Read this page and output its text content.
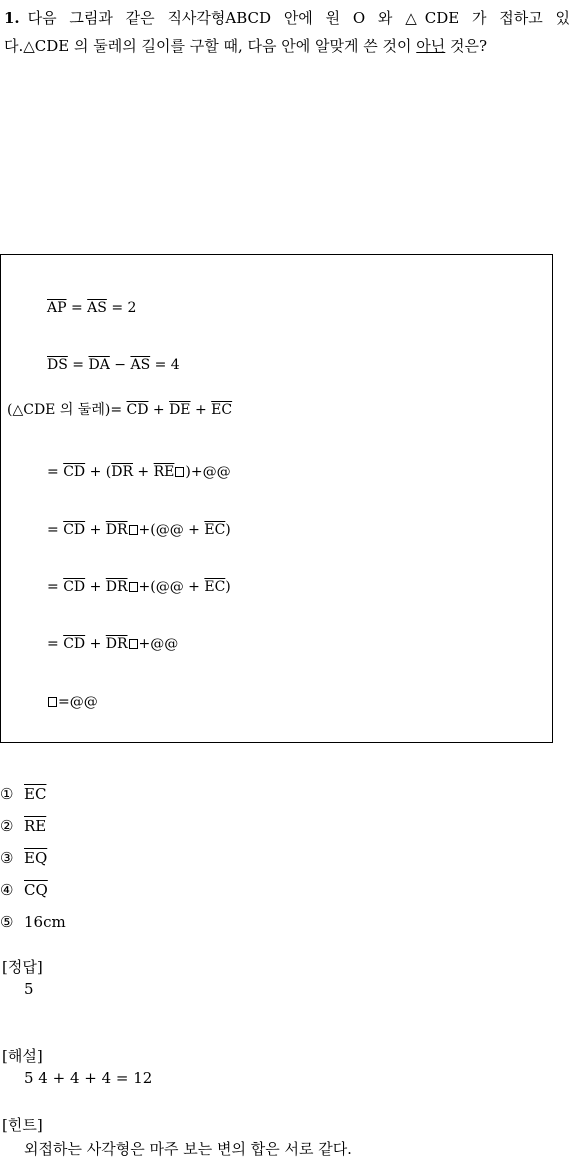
1. 다음 그림과 같은 직사각형ABCD 안에 원 O 와 △CDE 가 접하고 있
다.△CDE 의 둘레의 길이를 구할 때, 다음 안에 알맞게 쓴 것이 아닌 것은?
$\overline{AP} = \overline{AS} = 2$
$\overline{DS} = \overline{DA} - \overline{AS} = 4$
(△CDE 의 둘레)= $\overline{CD} + \overline{DE} + \overline{EC}$
= $\overline{CD} + (\overline{DR} + \overline{RE}$ )+@@
= $\overline{CD} + \overline{DR}$ +(@@ + $\overline{EC}$)
= $\overline{CD} + \overline{DR}$ +(@@ + $\overline{EC}$)
= $\overline{CD} + \overline{DR}$ +@@
=@@
① $\overline{EC}$
② $\overline{RE}$
③ $\overline{EQ}$
④ $\overline{CQ}$
⑤ 16cm
[정답]
5
[해설]
5 4 + 4 + 4 = 12
[힌트]
외접하는 사각형은 마주 보는 변의 합은 서로 같다.
